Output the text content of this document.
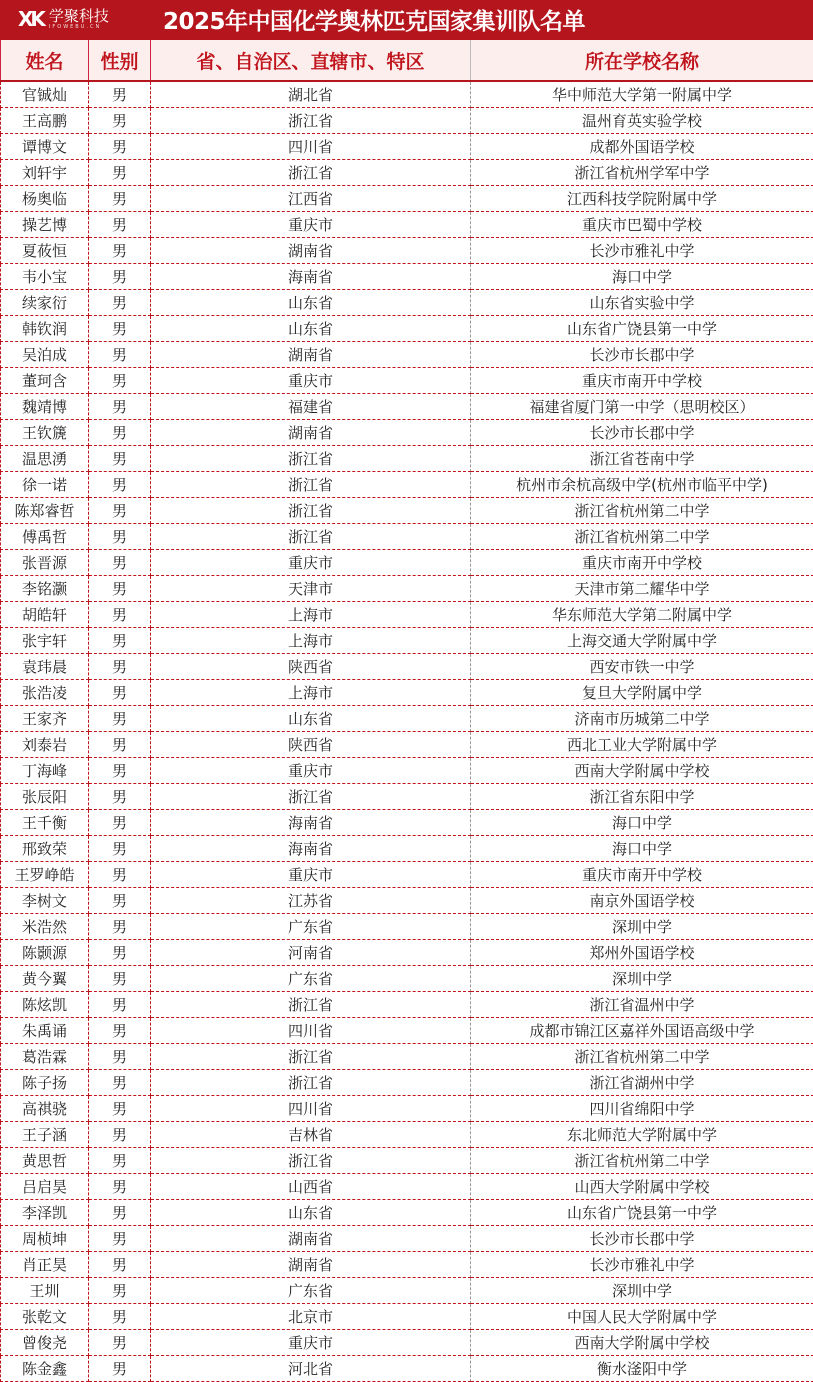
XK 学聚科技
IFOWEBU.CN	2025年中国化学奥林匹克国家集训队名单
姓名	性别	省、自治区、直辖市、特区	所在学校名称
官铖灿	男	湖北省	华中师范大学第一附属中学
王高鹏	男	浙江省	温州育英实验学校
谭博文	男	四川省	成都外国语学校
刘轩宇	男	浙江省	浙江省杭州学军中学
杨奥临	男	江西省	江西科技学院附属中学
操艺博	男	重庆市	重庆市巴蜀中学校
夏莜恒	男	湖南省	长沙市雅礼中学
韦小宝	男	海南省	海口中学
续家衍	男	山东省	山东省实验中学
韩钦润	男	山东省	山东省广饶县第一中学
吴泊成	男	湖南省	长沙市长郡中学
董珂含	男	重庆市	重庆市南开中学校
魏靖博	男	福建省	福建省厦门第一中学（思明校区）
王钦篪	男	湖南省	长沙市长郡中学
温思湧	男	浙江省	浙江省苍南中学
徐一诺	男	浙江省	杭州市余杭高级中学(杭州市临平中学)
陈郑睿哲	男	浙江省	浙江省杭州第二中学
傅禹哲	男	浙江省	浙江省杭州第二中学
张晋源	男	重庆市	重庆市南开中学校
李铭灏	男	天津市	天津市第二耀华中学
胡皓轩	男	上海市	华东师范大学第二附属中学
张宇轩	男	上海市	上海交通大学附属中学
袁玮晨	男	陕西省	西安市铁一中学
张浩凌	男	上海市	复旦大学附属中学
王家齐	男	山东省	济南市历城第二中学
刘泰岩	男	陕西省	西北工业大学附属中学
丁海峰	男	重庆市	西南大学附属中学校
张辰阳	男	浙江省	浙江省东阳中学
王千衡	男	海南省	海口中学
邢致荣	男	海南省	海口中学
王罗峥皓	男	重庆市	重庆市南开中学校
李树文	男	江苏省	南京外国语学校
米浩然	男	广东省	深圳中学
陈颢源	男	河南省	郑州外国语学校
黄今翼	男	广东省	深圳中学
陈炫凯	男	浙江省	浙江省温州中学
朱禹诵	男	四川省	成都市锦江区嘉祥外国语高级中学
葛浩霖	男	浙江省	浙江省杭州第二中学
陈子扬	男	浙江省	浙江省湖州中学
高祺骁	男	四川省	四川省绵阳中学
王子涵	男	吉林省	东北师范大学附属中学
黄思哲	男	浙江省	浙江省杭州第二中学
吕启昊	男	山西省	山西大学附属中学校
李泽凯	男	山东省	山东省广饶县第一中学
周桢坤	男	湖南省	长沙市长郡中学
肖正昊	男	湖南省	长沙市雅礼中学
王圳	男	广东省	深圳中学
张乾文	男	北京市	中国人民大学附属中学
曾俊尧	男	重庆市	西南大学附属中学校
陈金鑫	男	河北省	衡水滏阳中学
